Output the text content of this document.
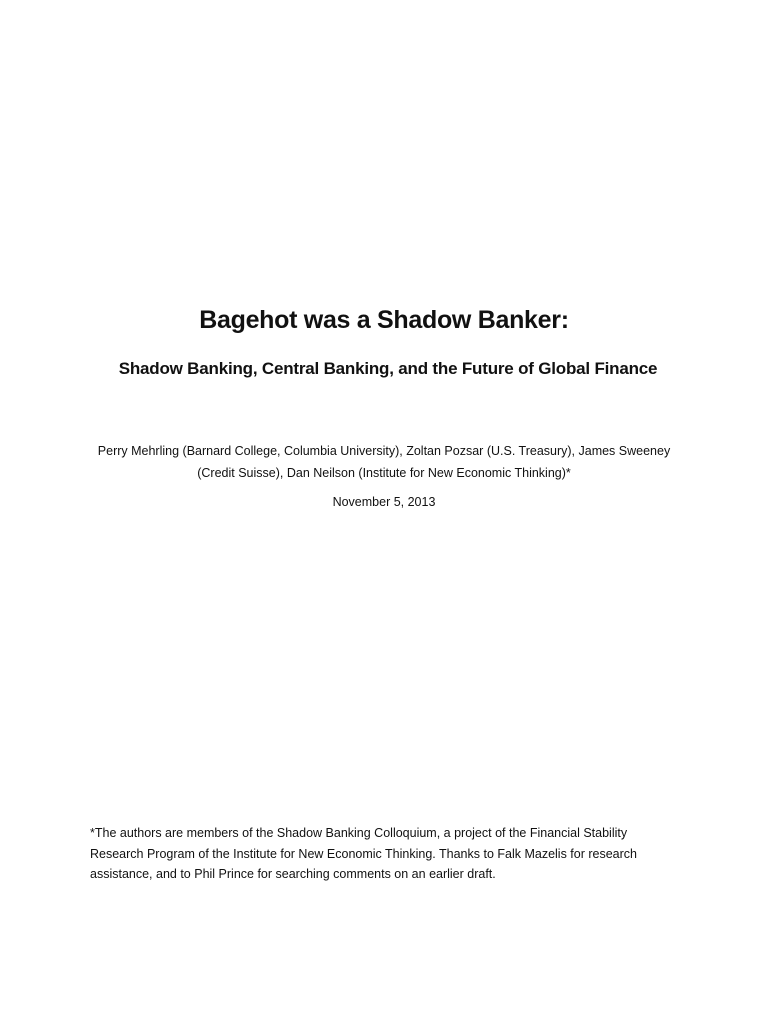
Bagehot was a Shadow Banker:
Shadow Banking, Central Banking, and the Future of Global Finance

Perry Mehrling (Barnard College, Columbia University), Zoltan Pozsar (U.S. Treasury), James Sweeney
(Credit Suisse), Dan Neilson (Institute for New Economic Thinking)*

November 5, 2013

*The authors are members of the Shadow Banking Colloquium, a project of the Financial Stability Research Program of the Institute for New Economic Thinking. Thanks to Falk Mazelis for research assistance, and to Phil Prince for searching comments on an earlier draft.
